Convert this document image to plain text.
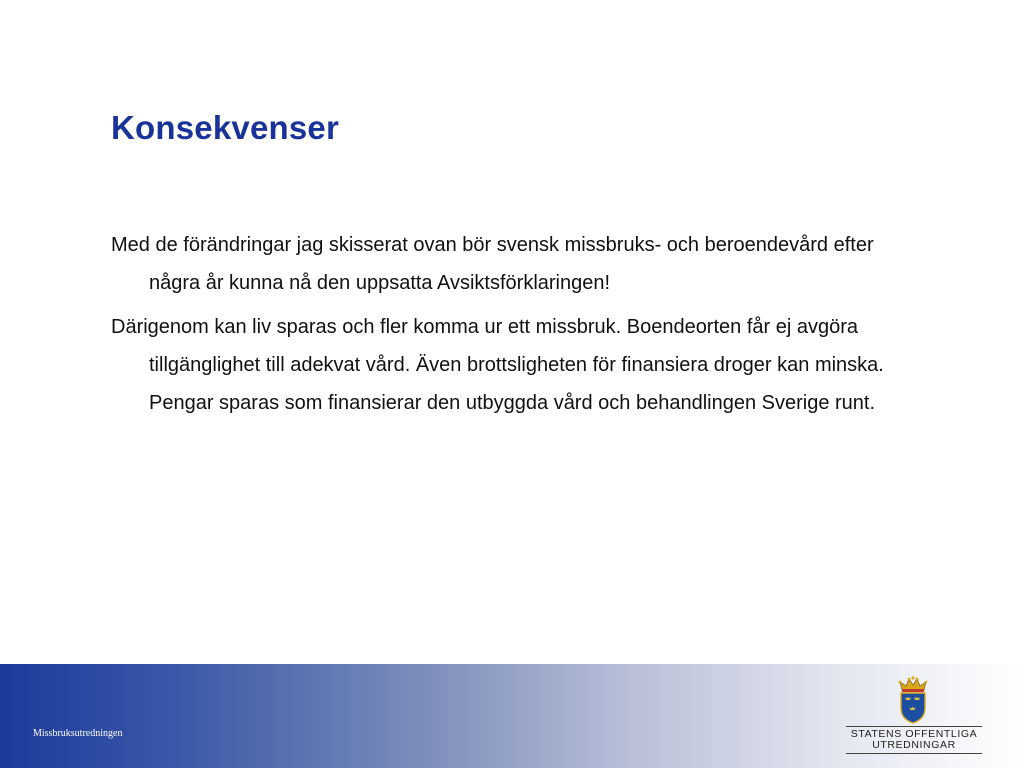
Konsekvenser

Med de förändringar jag skisserat ovan bör svensk missbruks- och beroendevård efter några år kunna nå den uppsatta Avsiktsförklaringen!

Därigenom kan liv sparas och fler komma ur ett missbruk. Boendeorten får ej avgöra tillgänglighet till adekvat vård. Även brottsligheten för finansiera droger kan minska. Pengar sparas som finansierar den utbyggda vård och behandlingen Sverige runt.

Missbruksutredningen	STATENS OFFENTLIGA
UTREDNINGAR
